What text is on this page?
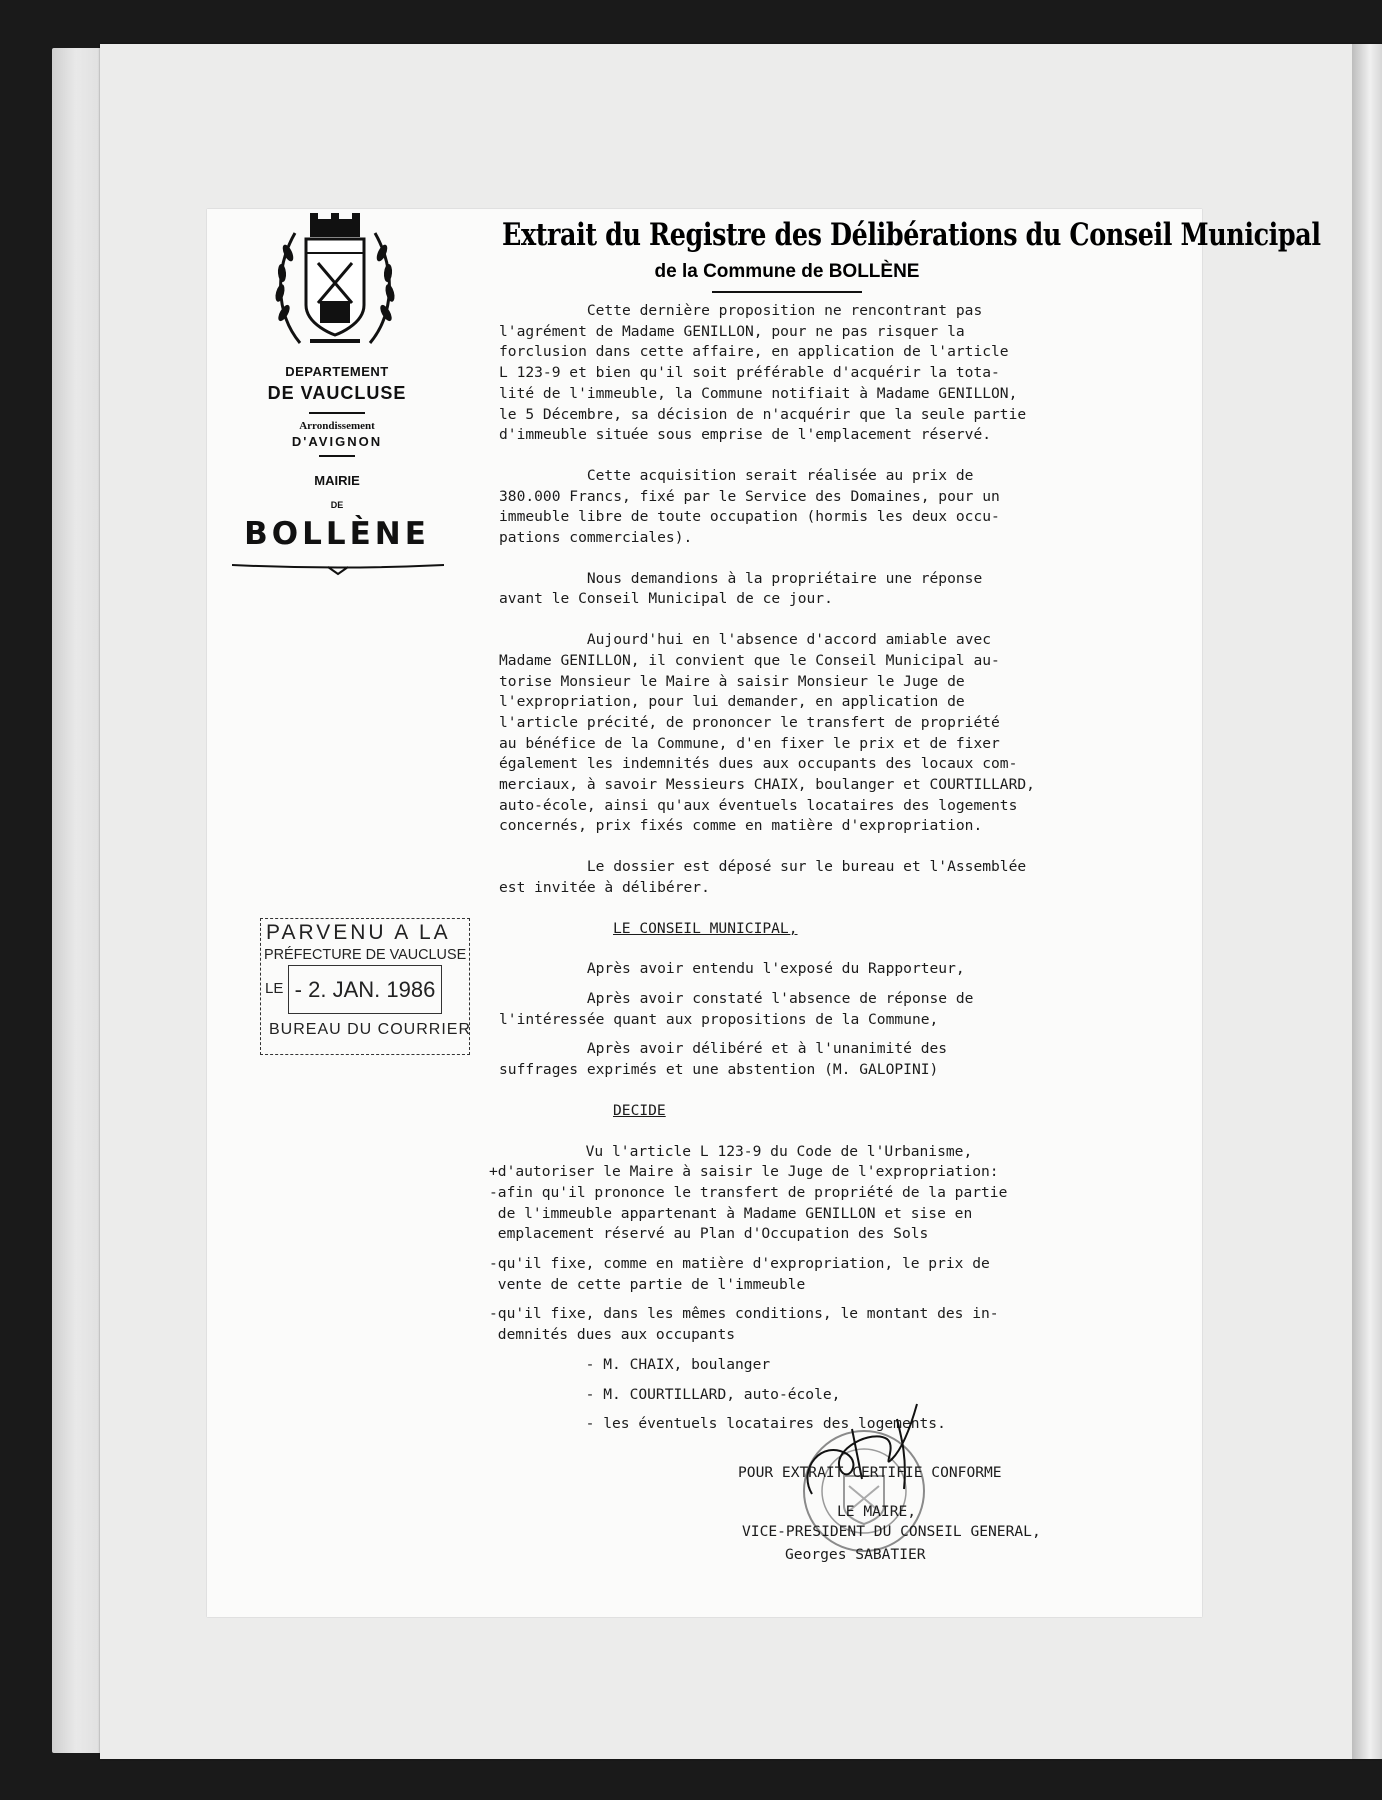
DEPARTEMENT
DE VAUCLUSE
Arrondissement
D'AVIGNON
MAIRIE
DE
BOLLÈNE
Extrait du Registre des Délibérations du Conseil Municipal
de la Commune de BOLLÈNE

Cette dernière proposition ne rencontrant pas

l'agrément de Madame GENILLON, pour ne pas risquer la

forclusion dans cette affaire, en application de l'article

L 123-9 et bien qu'il soit préférable d'acquérir la tota-

lité de l'immeuble, la Commune notifiait à Madame GENILLON,

le 5 Décembre, sa décision de n'acquérir que la seule partie

d'immeuble située sous emprise de l'emplacement réservé.

Cette acquisition serait réalisée au prix de

380.000 Francs, fixé par le Service des Domaines, pour un

immeuble libre de toute occupation (hormis les deux occu-

pations commerciales).

Nous demandions à la propriétaire une réponse

avant le Conseil Municipal de ce jour.

Aujourd'hui en l'absence d'accord amiable avec

Madame GENILLON, il convient que le Conseil Municipal au-

torise Monsieur le Maire à saisir Monsieur le Juge de

l'expropriation, pour lui demander, en application de

l'article précité, de prononcer le transfert de propriété

au bénéfice de la Commune, d'en fixer le prix et de fixer

également les indemnités dues aux occupants des locaux com-

merciaux, à savoir Messieurs CHAIX, boulanger et COURTILLARD,

auto-école, ainsi qu'aux éventuels locataires des logements

concernés, prix fixés comme en matière d'expropriation.

Le dossier est déposé sur le bureau et l'Assemblée

est invitée à délibérer.

LE CONSEIL MUNICIPAL,

Après avoir entendu l'exposé du Rapporteur,

Après avoir constaté l'absence de réponse de

l'intéressée quant aux propositions de la Commune,

Après avoir délibéré et à l'unanimité des

suffrages exprimés et une abstention (M. GALOPINI)

DECIDE

Vu l'article L 123-9 du Code de l'Urbanisme,

+d'autoriser le Maire à saisir le Juge de l'expropriation:

-afin qu'il prononce le transfert de propriété de la partie

de l'immeuble appartenant à Madame GENILLON et sise en

emplacement réservé au Plan d'Occupation des Sols

-qu'il fixe, comme en matière d'expropriation, le prix de

vente de cette partie de l'immeuble

-qu'il fixe, dans les mêmes conditions, le montant des in-

demnités dues aux occupants

- M. CHAIX, boulanger

- M. COURTILLARD, auto-école,

- les éventuels locataires des logements.

PARVENU A LA
PRÉFECTURE DE VAUCLUSE
LE - 2. JAN. 1986
BUREAU DU COURRIER
POUR EXTRAIT CERTIFIE CONFORME
LE MAIRE,
VICE-PRESIDENT DU CONSEIL GENERAL,
Georges SABATIER
